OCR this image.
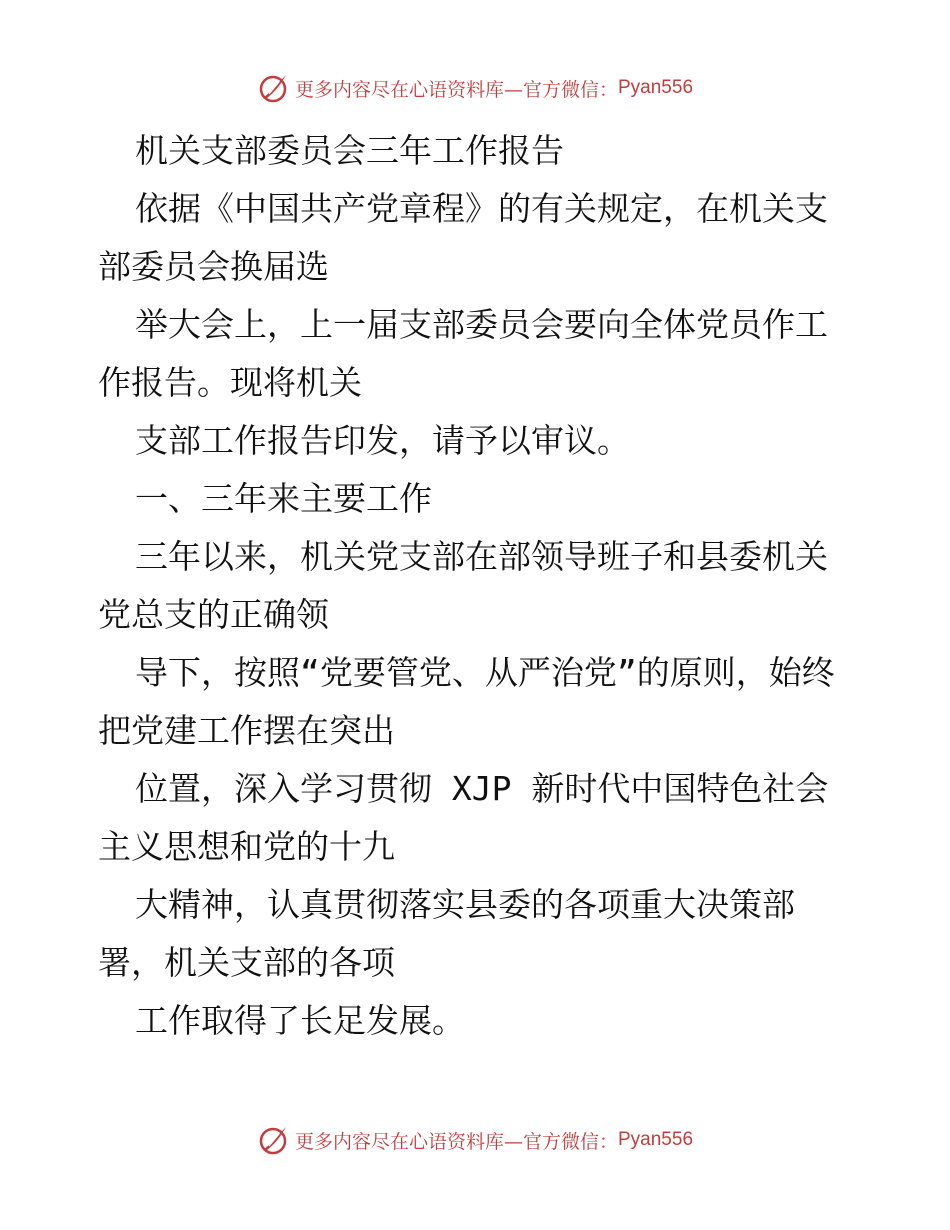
更多内容尽在心语资料库—官方微信： Pyan556

机关支部委员会三年工作报告

依据《中国共产党章程》的有关规定，在机关支部委员会换届选

举大会上，上一届支部委员会要向全体党员作工作报告。现将机关

支部工作报告印发，请予以审议。

一、三年来主要工作

三年以来，机关党支部在部领导班子和县委机关党总支的正确领

导下，按照“党要管党、从严治党”的原则，始终把党建工作摆在突出

位置，深入学习贯彻 XJP 新时代中国特色社会主义思想和党的十九

大精神，认真贯彻落实县委的各项重大决策部署，机关支部的各项

工作取得了长足发展。

更多内容尽在心语资料库—官方微信： Pyan556
